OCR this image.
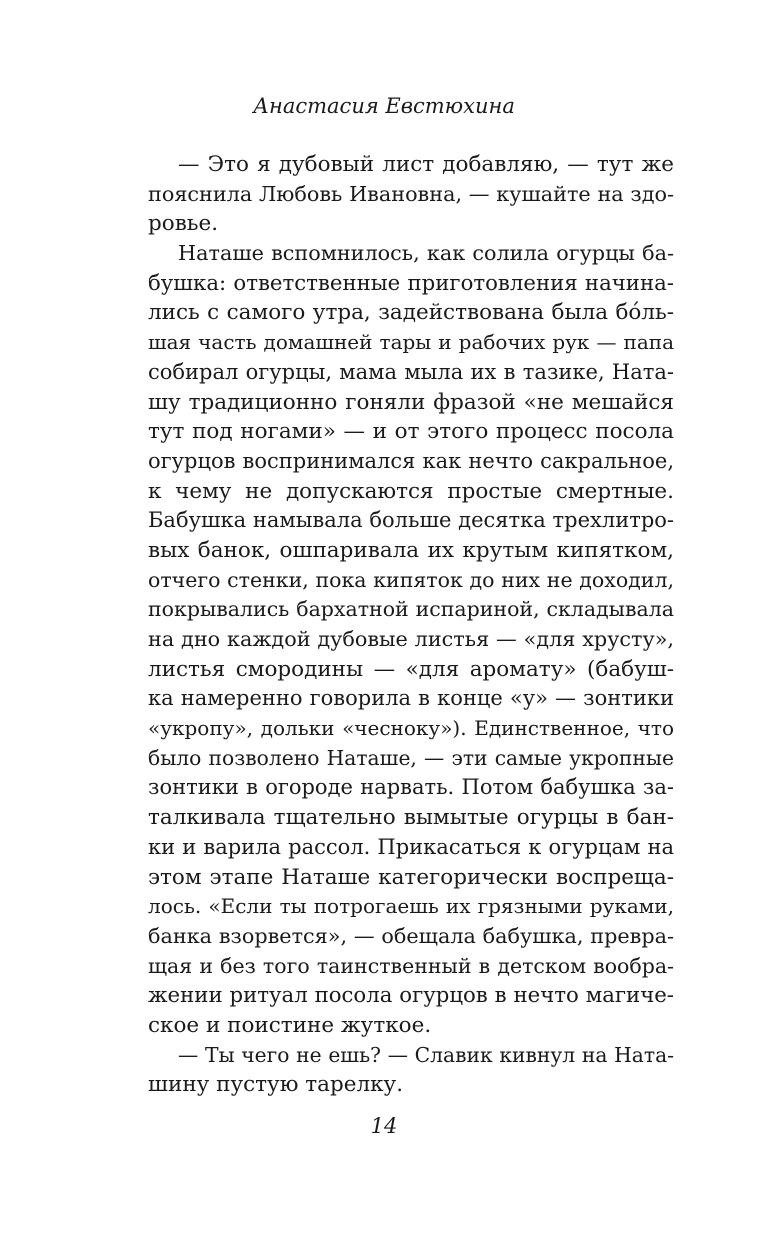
Анастасия Евстюхина
— Это я дубовый лист добавляю, — тут же
пояснила Любовь Ивановна, — кушайте на здо-
ровье.
Наташе вспомнилось, как солила огурцы ба-
бушка: ответственные приготовления начина-
лись с самого утра, задействована была бо́ль-
шая часть домашней тары и рабочих рук — папа
собирал огурцы, мама мыла их в тазике, Ната-
шу традиционно гоняли фразой «не мешайся
тут под ногами» — и от этого процесс посола
огурцов воспринимался как нечто сакральное,
к чему не допускаются простые смертные.
Бабушка намывала больше десятка трехлитро-
вых банок, ошпаривала их крутым кипятком,
отчего стенки, пока кипяток до них не доходил,
покрывались бархатной испариной, складывала
на дно каждой дубовые листья — «для хрусту»,
листья смородины — «для аромату» (бабуш-
ка намеренно говорила в конце «у» — зонтики
«укропу», дольки «чесноку»). Единственное, что
было позволено Наташе, — эти самые укропные
зонтики в огороде нарвать. Потом бабушка за-
талкивала тщательно вымытые огурцы в бан-
ки и варила рассол. Прикасаться к огурцам на
этом этапе Наташе категорически воспреща-
лось. «Если ты потрогаешь их грязными руками,
банка взорвется», — обещала бабушка, превра-
щая и без того таинственный в детском вообра-
жении ритуал посола огурцов в нечто магиче-
ское и поистине жуткое.
— Ты чего не ешь? — Славик кивнул на Ната-
шину пустую тарелку.
14
